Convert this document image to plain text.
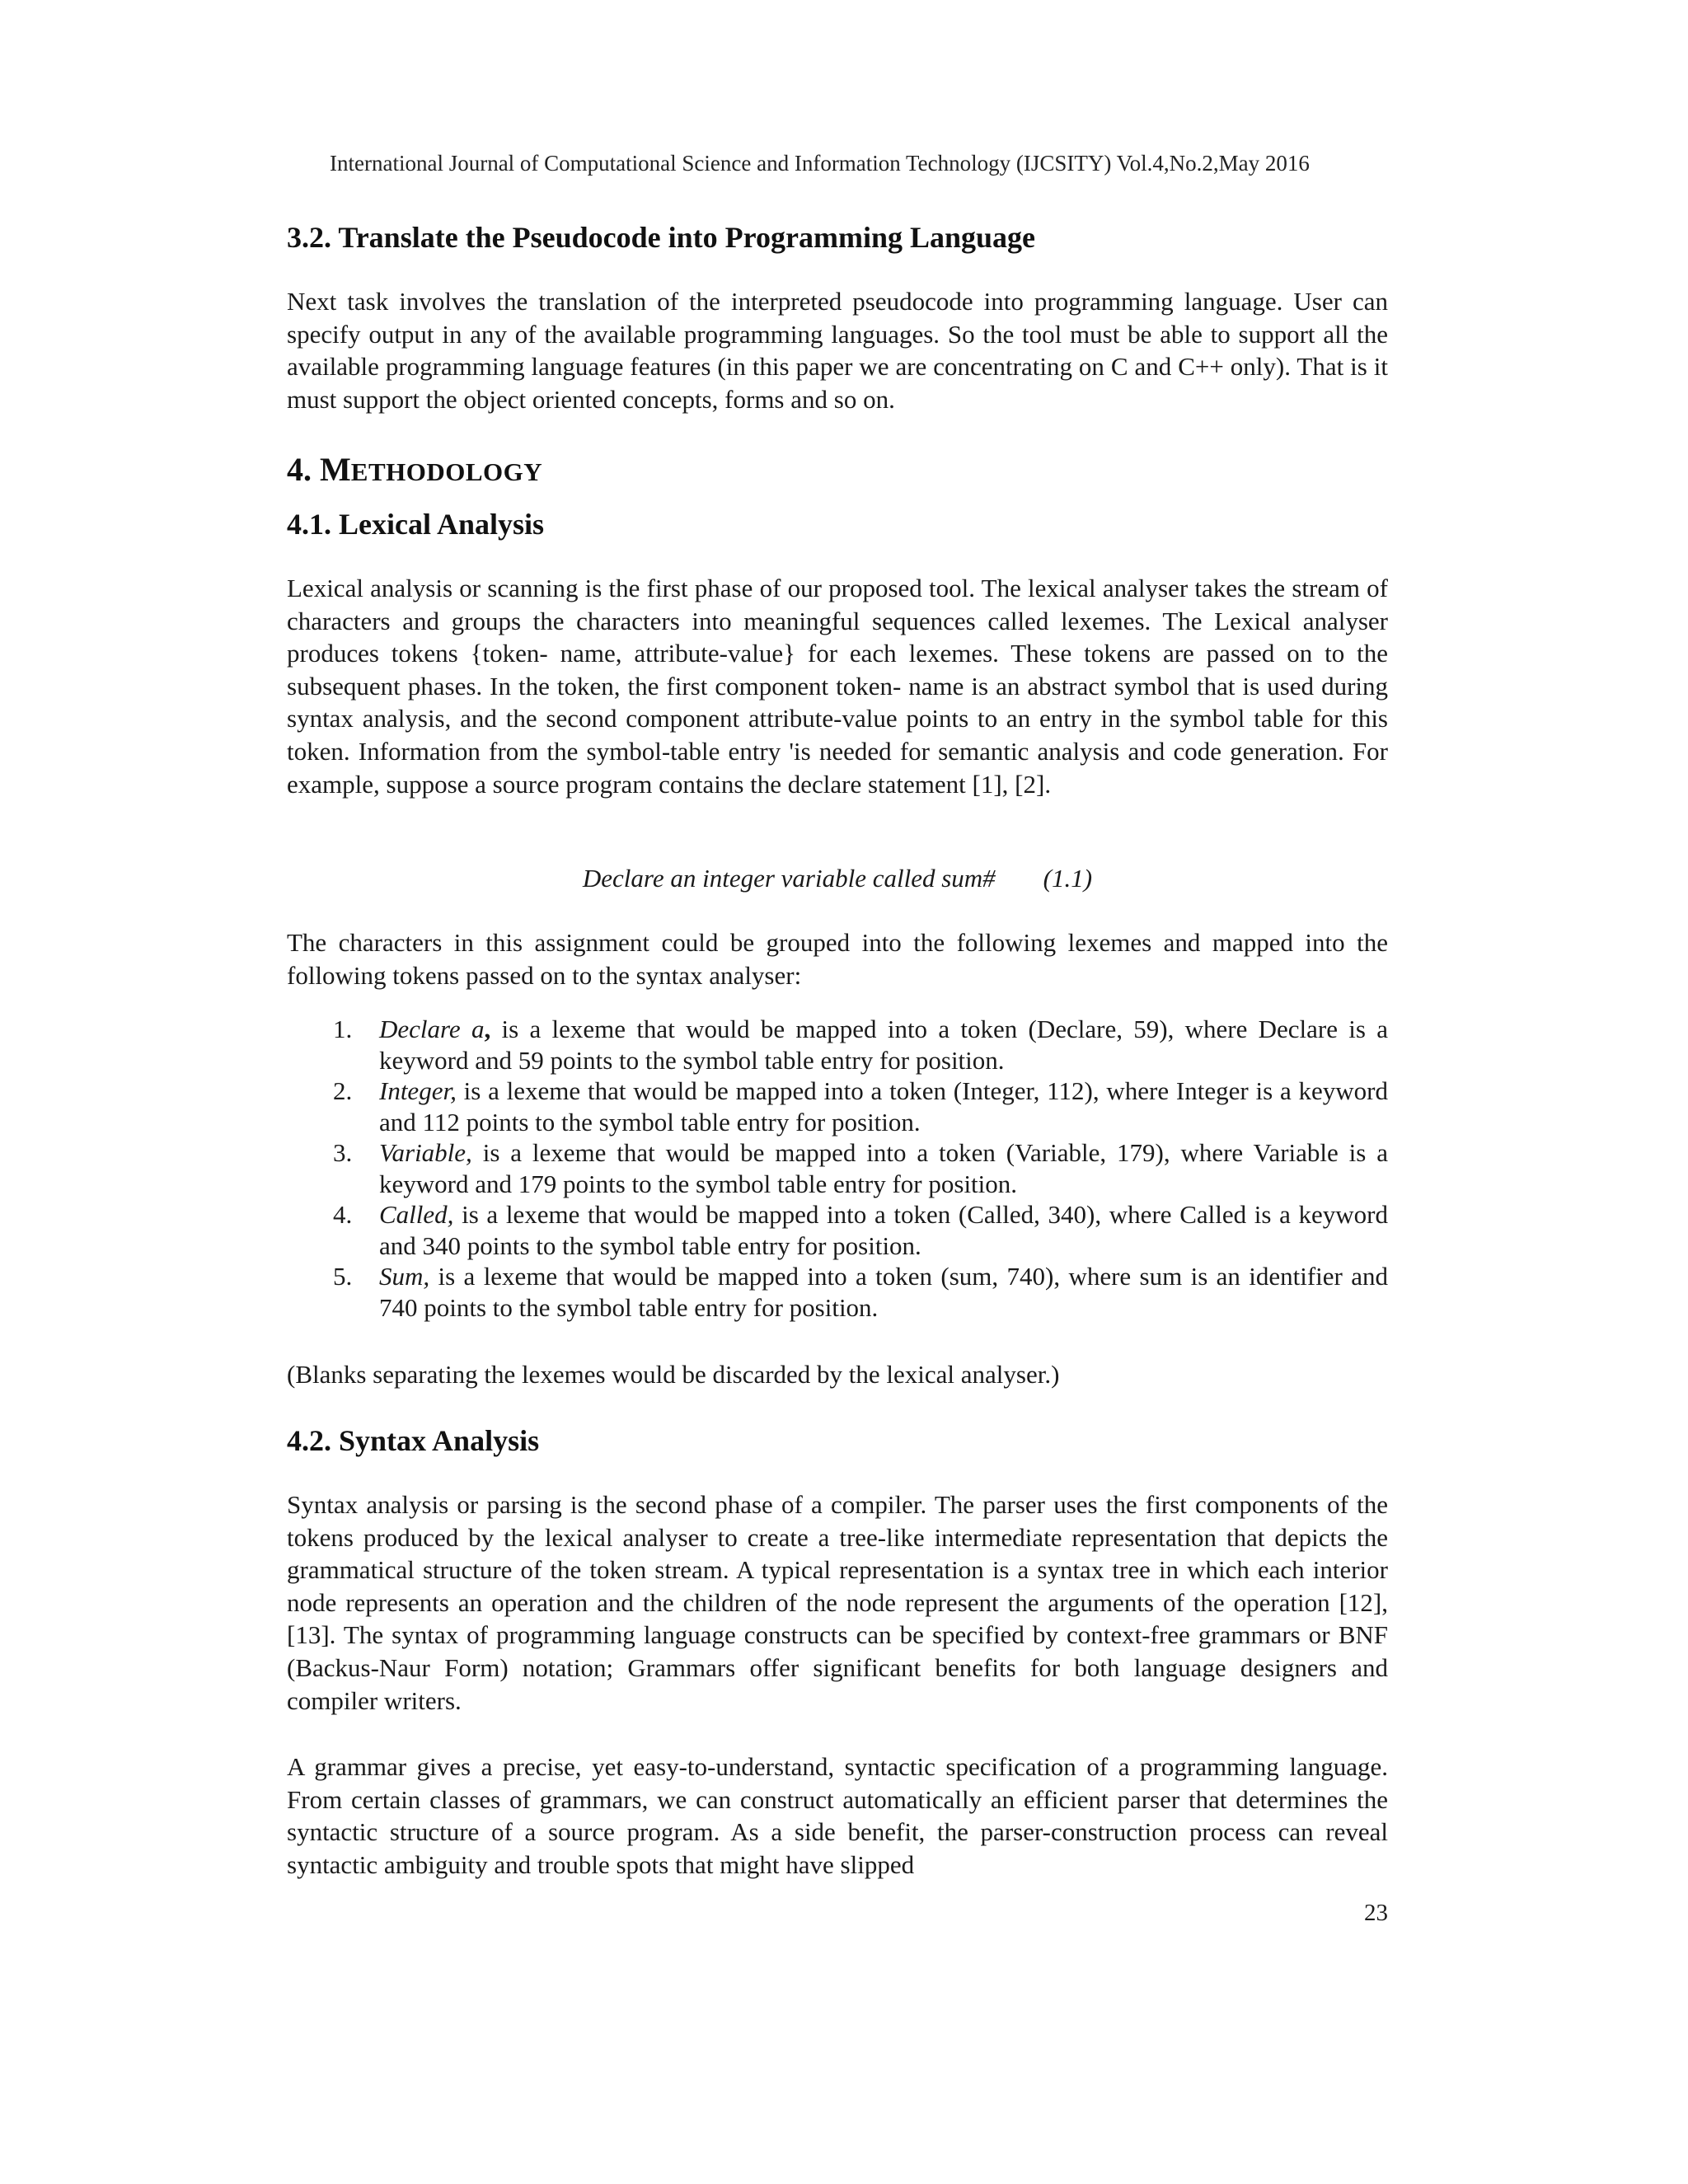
International Journal of Computational Science and Information Technology (IJCSITY) Vol.4,No.2,May 2016
3.2. Translate the Pseudocode into Programming Language

Next task involves the translation of the interpreted pseudocode into programming language. User can specify output in any of the available programming languages. So the tool must be able to support all the available programming language features (in this paper we are concentrating on C and C++ only). That is it must support the object oriented concepts, forms and so on.

4. METHODOLOGY
4.1. Lexical Analysis

Lexical analysis or scanning is the first phase of our proposed tool. The lexical analyser takes the stream of characters and groups the characters into meaningful sequences called lexemes. The Lexical analyser produces tokens {token- name, attribute-value} for each lexemes. These tokens are passed on to the subsequent phases. In the token, the first component token- name is an abstract symbol that is used during syntax analysis, and the second component attribute-value points to an entry in the symbol table for this token. Information from the symbol-table entry 'is needed for semantic analysis and code generation. For example, suppose a source program contains the declare statement [1], [2].

Declare an integer variable called sum# (1.1)

The characters in this assignment could be grouped into the following lexemes and mapped into the following tokens passed on to the syntax analyser:

1.	Declare a, is a lexeme that would be mapped into a token (Declare, 59), where Declare is a keyword and 59 points to the symbol table entry for position.
2.	Integer, is a lexeme that would be mapped into a token (Integer, 112), where Integer is a keyword and 112 points to the symbol table entry for position.
3.	Variable, is a lexeme that would be mapped into a token (Variable, 179), where Variable is a keyword and 179 points to the symbol table entry for position.
4.	Called, is a lexeme that would be mapped into a token (Called, 340), where Called is a keyword and 340 points to the symbol table entry for position.
5.	Sum, is a lexeme that would be mapped into a token (sum, 740), where sum is an identifier and 740 points to the symbol table entry for position.

(Blanks separating the lexemes would be discarded by the lexical analyser.)

4.2. Syntax Analysis

Syntax analysis or parsing is the second phase of a compiler. The parser uses the first components of the tokens produced by the lexical analyser to create a tree-like intermediate representation that depicts the grammatical structure of the token stream. A typical representation is a syntax tree in which each interior node represents an operation and the children of the node represent the arguments of the operation [12], [13]. The syntax of programming language constructs can be specified by context-free grammars or BNF (Backus-Naur Form) notation; Grammars offer significant benefits for both language designers and compiler writers.

A grammar gives a precise, yet easy-to-understand, syntactic specification of a programming language. From certain classes of grammars, we can construct automatically an efficient parser that determines the syntactic structure of a source program. As a side benefit, the parser-construction process can reveal syntactic ambiguity and trouble spots that might have slipped

23
